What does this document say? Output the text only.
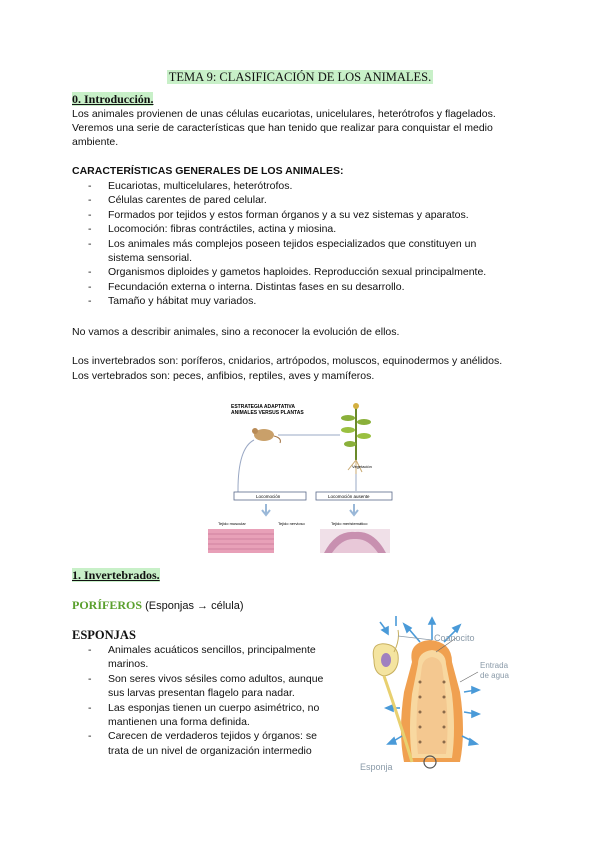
TEMA 9: CLASIFICACIÓN DE LOS ANIMALES.
0. Introducción.
Los animales provienen de unas células eucariotas, unicelulares, heterótrofos y flagelados.
Veremos una serie de características que han tenido que realizar para conquistar el medio
ambiente.
CARACTERÍSTICAS GENERALES DE LOS ANIMALES:
- Eucariotas, multicelulares, heterótrofos.
- Células carentes de pared celular.
- Formados por tejidos y estos forman órganos y a su vez sistemas y aparatos.
- Locomoción: fibras contráctiles, actina y miosina.
- Los animales más complejos poseen tejidos especializados que constituyen un
sistema sensorial.
- Organismos diploides y gametos haploides. Reproducción sexual principalmente.
- Fecundación externa o interna. Distintas fases en su desarrollo.
- Tamaño y hábitat muy variados.
No vamos a describir animales, sino a reconocer la evolución de ellos.
Los invertebrados son: poríferos, cnidarios, artrópodos, moluscos, equinodermos y anélidos.
Los vertebrados son: peces, anfibios, reptiles, aves y mamíferos.
ESTRATEGIA ADAPTATIVA
ANIMALES VERSUS PLANTAS
Vegetación
Locomoción	Locomoción ausente
Tejido muscular	Tejido nervioso	Tejido meristemático
1. Invertebrados.
PORÍFEROS (Esponjas → célula)
ESPONJAS
- Animales acuáticos sencillos, principalmente
marinos.
- Son seres vivos sésiles como adultos, aunque
sus larvas presentan flagelo para nadar.
- Las esponjas tienen un cuerpo asimétrico, no
mantienen una forma definida.
- Carecen de verdaderos tejidos y órganos: se
trata de un nivel de organización intermedio
Coanocito
Entrada
de agua
Esponja
